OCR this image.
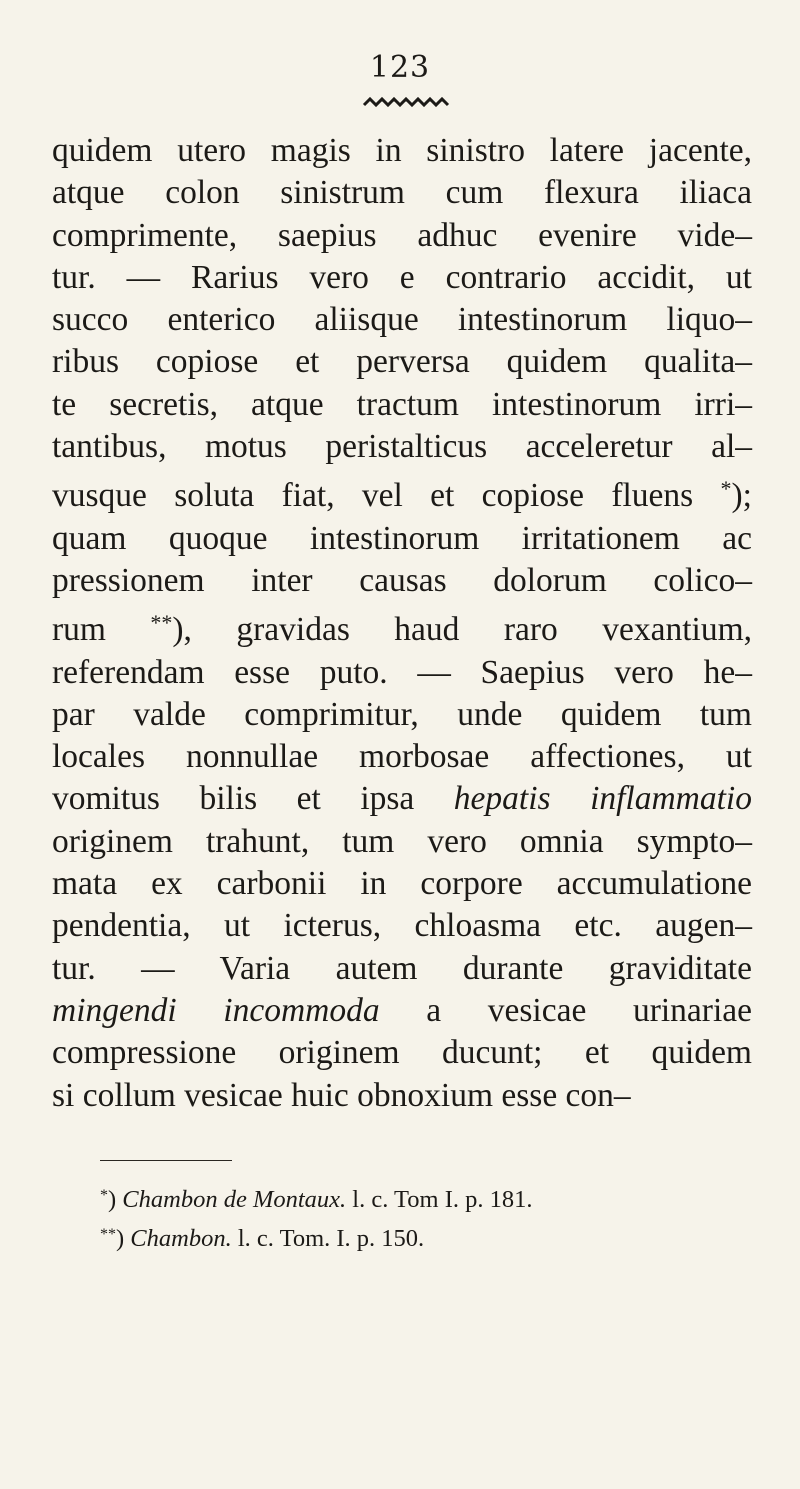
123
quidem utero magis in sinistro latere jacente,
atque colon sinistrum cum flexura iliaca
comprimente, saepius adhuc evenire vide–
tur. — Rarius vero e contrario accidit, ut
succo enterico aliisque intestinorum liquo–
ribus copiose et perversa quidem qualita–
te secretis, atque tractum intestinorum irri–
tantibus, motus peristalticus acceleretur al–
vusque soluta fiat, vel et copiose fluens *);
quam quoque intestinorum irritationem ac
pressionem inter causas dolorum colico–
rum **), gravidas haud raro vexantium,
referendam esse puto. — Saepius vero he–
par valde comprimitur, unde quidem tum
locales nonnullae morbosae affectiones, ut
vomitus bilis et ipsa hepatis inflammatio
originem trahunt, tum vero omnia sympto–
mata ex carbonii in corpore accumulatione
pendentia, ut icterus, chloasma etc. augen–
tur. — Varia autem durante graviditate
mingendi incommoda a vesicae urinariae
compressione originem ducunt; et quidem
si collum vesicae huic obnoxium esse con–
*) Chambon de Montaux. l. c. Tom I. p. 181.
**) Chambon. l. c. Tom. I. p. 150.
